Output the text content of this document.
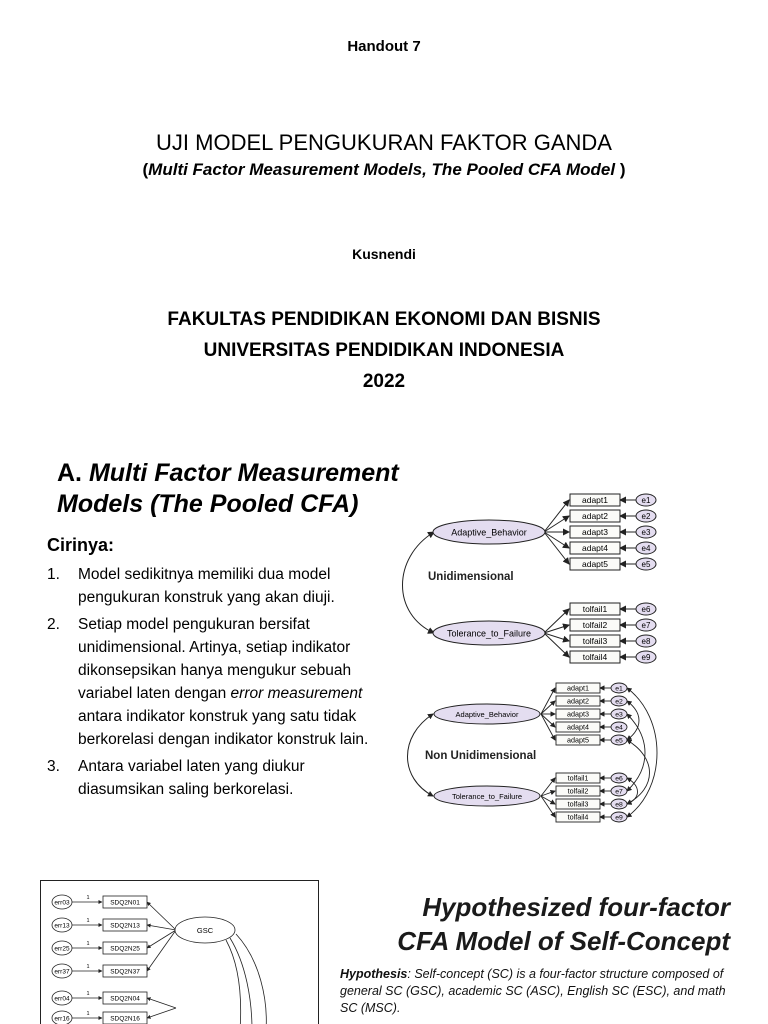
Handout 7
UJI MODEL PENGUKURAN FAKTOR GANDA
(Multi Factor Measurement Models, The Pooled CFA Model )
Kusnendi
FAKULTAS PENDIDIKAN EKONOMI DAN BISNIS
UNIVERSITAS PENDIDIKAN INDONESIA
2022
A. Multi Factor Measurement
Models (The Pooled CFA)
Cirinya:
1. Model sedikitnya memiliki dua model pengukuran konstruk yang akan diuji.
2. Setiap model pengukuran bersifat unidimensional. Artinya, setiap indikator dikonsepsikan hanya mengukur sebuah variabel laten dengan error measurement antara indikator konstruk yang satu tidak berkorelasi dengan indikator konstruk lain.
3. Antara variabel laten yang diukur diasumsikan saling berkorelasi.
Adaptive_Behavior
Tolerance_to_Failure
adapt1
adapt2
adapt3
adapt4
adapt5
tolfail1
tolfail2
tolfail3
tolfail4
e1
e2
e3
e4
e5
e6
e7
e8
e9
Unidimensional
Adaptive_Behavior
Tolerance_to_Failure
adapt1
adapt2
adapt3
adapt4
adapt5
tolfail1
tolfail2
tolfail3
tolfail4
e1
e2
e3
e4
e5
e6
e7
e8
e9
Non Unidimensional
err03
err13
err25
err37
err04
err16
SDQ2N01
SDQ2N13
SDQ2N25
SDQ2N37
SDQ2N04
SDQ2N16
GSC
1
1
1
1
1
1
Hypothesized four-factor
CFA Model of Self-Concept
Hypothesis: Self-concept (SC) is a four-factor structure composed of general SC (GSC), academic SC (ASC), English SC (ESC), and math SC (MSC).
